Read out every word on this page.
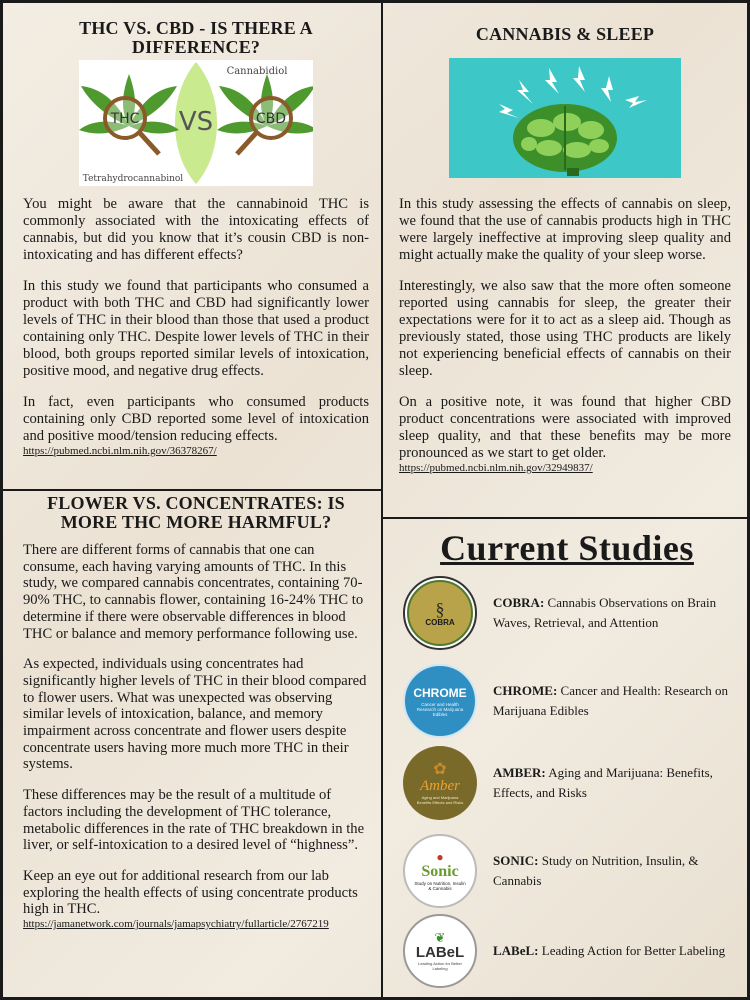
THC VS. CBD - IS THERE A DIFFERENCE?
THC	CBD
VS
Cannabidiol
Tetrahydrocannabinol

You might be aware that the cannabinoid THC is commonly associated with the intoxicating effects of cannabis, but did you know that it’s cousin CBD is non-intoxicating and has different effects?

In this study we found that participants who consumed a product with both THC and CBD had significantly lower levels of THC in their blood than those that used a product containing only THC. Despite lower levels of THC in their blood, both groups reported similar levels of intoxication, positive mood, and negative drug effects.

In fact, even participants who consumed products containing only CBD reported some level of intoxication and positive mood/tension reducing effects.

https://pubmed.ncbi.nlm.nih.gov/36378267/
FLOWER VS. CONCENTRATES: IS MORE THC MORE HARMFUL?

There are different forms of cannabis that one can consume, each having varying amounts of THC. In this study, we compared cannabis concentrates, containing 70-90% THC, to cannabis flower, containing 16-24% THC to determine if there were observable differences in blood THC or balance and memory performance following use.

As expected, individuals using concentrates had significantly higher levels of THC in their blood compared to flower users. What was unexpected was observing similar levels of intoxication, balance, and memory impairment across concentrate and flower users despite concentrate users having more much more THC in their systems.

These differences may be the result of a multitude of factors including the development of THC tolerance, metabolic differences in the rate of THC breakdown in the liver, or self-intoxication to a desired level of “highness”.

Keep an eye out for additional research from our lab exploring the health effects of using concentrate products high in THC.

https://jamanetwork.com/journals/jamapsychiatry/fullarticle/2767219
CANNABIS & SLEEP

In this study assessing the effects of cannabis on sleep, we found that the use of cannabis products high in THC were largely ineffective at improving sleep quality and might actually make the quality of your sleep worse.

Interestingly, we also saw that the more often someone reported using cannabis for sleep, the greater their expectations were for it to act as a sleep aid. Though as previously stated, those using THC products are likely not experiencing beneficial effects of cannabis on their sleep.

On a positive note, it was found that higher CBD product concentrations were associated with improved sleep quality, and that these benefits may be more pronounced as we start to get older.

https://pubmed.ncbi.nlm.nih.gov/32949837/
Current Studies
§
COBRA
COBRA: Cannabis Observations on Brain Waves, Retrieval, and Attention
CHROME
Cancer and Health Research on Marijuana Edibles
CHROME: Cancer and Health: Research on Marijuana Edibles
✿
Amber
Aging and Marijuana Benefits Effects and Risks
AMBER: Aging and Marijuana: Benefits, Effects, and Risks
●
Sonic
Study on Nutrition, Insulin & Cannabis
SONIC: Study on Nutrition, Insulin, & Cannabis
❦
LABeL
Leading Action for Better Labeling
LABeL: Leading Action for Better Labeling
